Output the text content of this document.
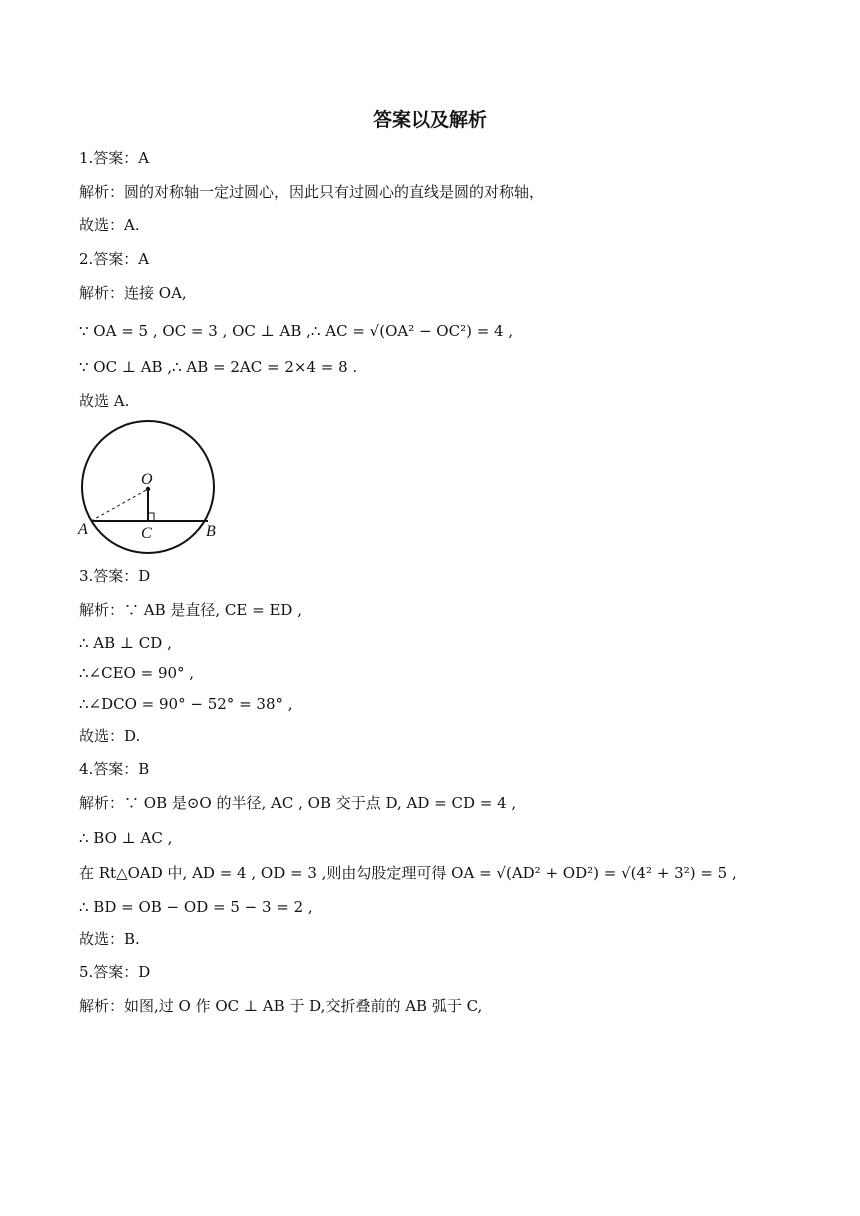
答案以及解析
1.答案：A
解析：圆的对称轴一定过圆心，因此只有过圆心的直线是圆的对称轴，
故选：A.
2.答案：A
解析：连接 OA,
∵ OA = 5 , OC = 3 , OC ⊥ AB ,∴ AC = √(OA² − OC²) = 4 ,
∵ OC ⊥ AB ,∴ AB = 2AC = 2×4 = 8 .
故选 A.
O
A	C	B
3.答案：D
解析：∵ AB 是直径, CE = ED ,
∴ AB ⊥ CD ,
∴∠CEO = 90° ,
∴∠DCO = 90° − 52° = 38° ,
故选：D.
4.答案：B
解析：∵ OB 是⊙O 的半径, AC , OB 交于点 D, AD = CD = 4 ,
∴ BO ⊥ AC ,
在 Rt△OAD 中, AD = 4 , OD = 3 ,则由勾股定理可得 OA = √(AD² + OD²) = √(4² + 3²) = 5 ,
∴ BD = OB − OD = 5 − 3 = 2 ,
故选：B.
5.答案：D
解析：如图,过 O 作 OC ⊥ AB 于 D,交折叠前的 AB 弧于 C,
